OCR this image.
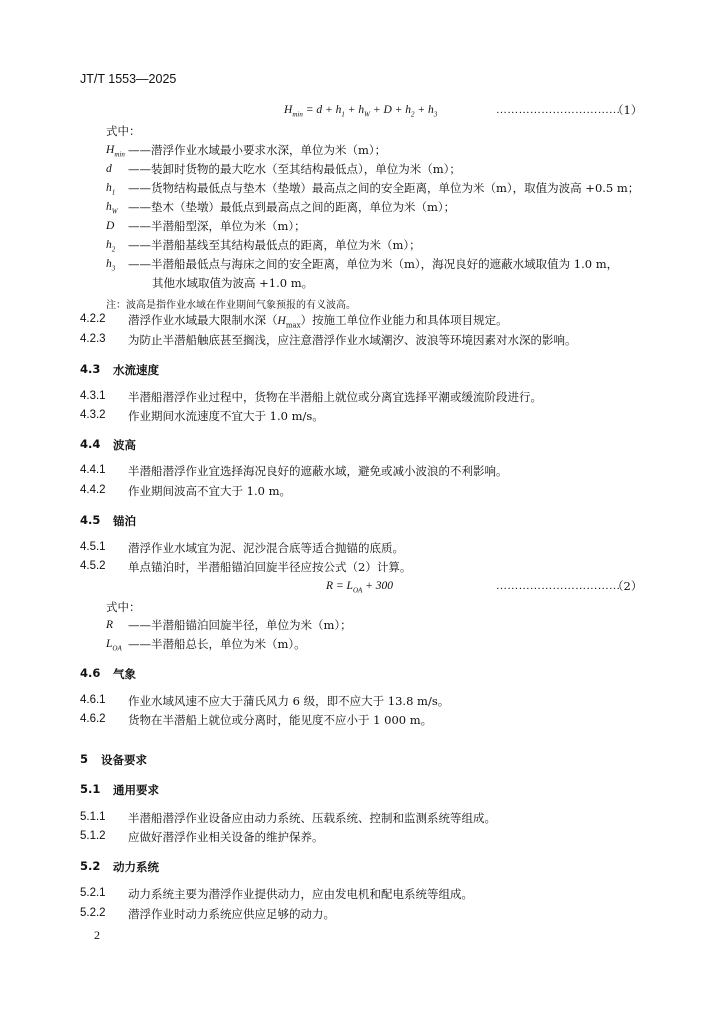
JT/T 1553—2025
$H_{min} = d + h_1 + h_W + D + h_2 + h_3$	……………………………
（1）
式中：
$H_{min}$ ——潜浮作业水域最小要求水深，单位为米（m）；
d ——装卸时货物的最大吃水（至其结构最低点），单位为米（m）；
$h_1$ ——货物结构最低点与垫木（垫墩）最高点之间的安全距离，单位为米（m），取值为波高 +0.5 m；
$h_W$ ——垫木（垫墩）最低点到最高点之间的距离，单位为米（m）；
D ——半潜船型深，单位为米（m）；
$h_2$ ——半潜船基线至其结构最低点的距离，单位为米（m）；
$h_3$ ——半潜船最低点与海床之间的安全距离，单位为米（m），海况良好的遮蔽水域取值为 1.0 m，
其他水域取值为波高 +1.0 m。
注：波高是指作业水域在作业期间气象预报的有义波高。
4.2.2 潜浮作业水域最大限制水深$(H_{max})$按施工单位作业能力和具体项目规定。
4.2.3 为防止半潜船触底甚至搁浅，应注意潜浮作业水域潮汐、波浪等环境因素对水深的影响。
4.3 水流速度
4.3.1 半潜船潜浮作业过程中，货物在半潜船上就位或分离宜选择平潮或缓流阶段进行。
4.3.2 作业期间水流速度不宜大于 1.0 m/s。
4.4 波高
4.4.1 半潜船潜浮作业宜选择海况良好的遮蔽水域，避免或减小波浪的不利影响。
4.4.2 作业期间波高不宜大于 1.0 m。
4.5 锚泊
4.5.1 潜浮作业水域宜为泥、泥沙混合底等适合抛锚的底质。
4.5.2 单点锚泊时，半潜船锚泊回旋半径应按公式（2）计算。
$R = L_{OA} + 300$	……………………………
（2）
式中：
R ——半潜船锚泊回旋半径，单位为米（m）；
$L_{OA}$ ——半潜船总长，单位为米（m）。
4.6 气象
4.6.1 作业水域风速不应大于蒲氏风力 6 级，即不应大于 13.8 m/s。
4.6.2 货物在半潜船上就位或分离时，能见度不应小于 1 000 m。
5 设备要求
5.1 通用要求
5.1.1 半潜船潜浮作业设备应由动力系统、压载系统、控制和监测系统等组成。
5.1.2 应做好潜浮作业相关设备的维护保养。
5.2 动力系统
5.2.1 动力系统主要为潜浮作业提供动力，应由发电机和配电系统等组成。
5.2.2 潜浮作业时动力系统应供应足够的动力。
2
